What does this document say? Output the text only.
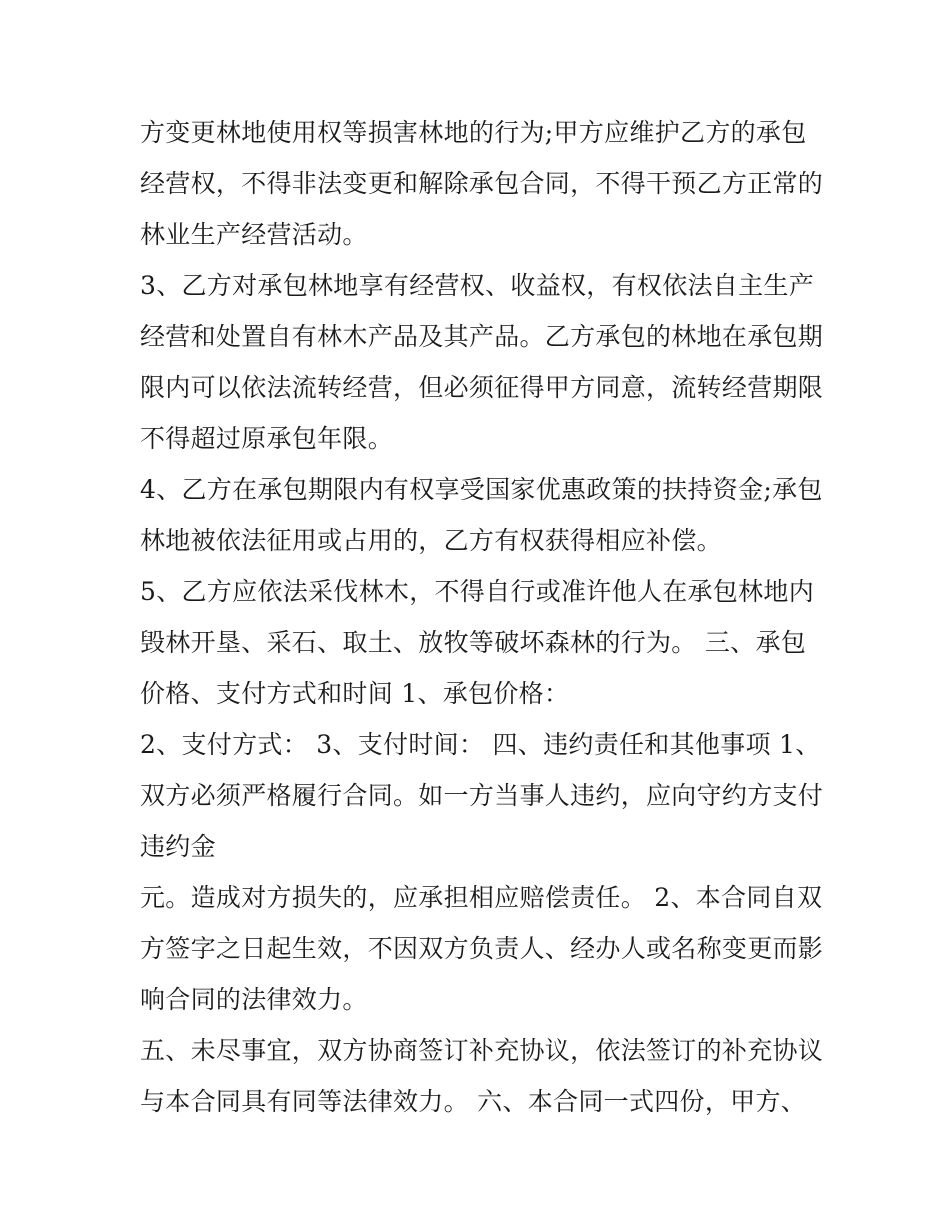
方变更林地使用权等损害林地的行为;甲方应维护乙方的承包
经营权，不得非法变更和解除承包合同，不得干预乙方正常的
林业生产经营活动。
3、乙方对承包林地享有经营权、收益权，有权依法自主生产
经营和处置自有林木产品及其产品。乙方承包的林地在承包期
限内可以依法流转经营，但必须征得甲方同意，流转经营期限
不得超过原承包年限。
4、乙方在承包期限内有权享受国家优惠政策的扶持资金;承包
林地被依法征用或占用的，乙方有权获得相应补偿。
5、乙方应依法采伐林木，不得自行或准许他人在承包林地内
毁林开垦、采石、取土、放牧等破坏森林的行为。 三、承包
价格、支付方式和时间 1、承包价格：
2、支付方式： 3、支付时间： 四、违约责任和其他事项 1、
双方必须严格履行合同。如一方当事人违约，应向守约方支付
违约金
元。造成对方损失的，应承担相应赔偿责任。 2、本合同自双
方签字之日起生效，不因双方负责人、经办人或名称变更而影
响合同的法律效力。
五、未尽事宜，双方协商签订补充协议，依法签订的补充协议
与本合同具有同等法律效力。 六、本合同一式四份，甲方、
